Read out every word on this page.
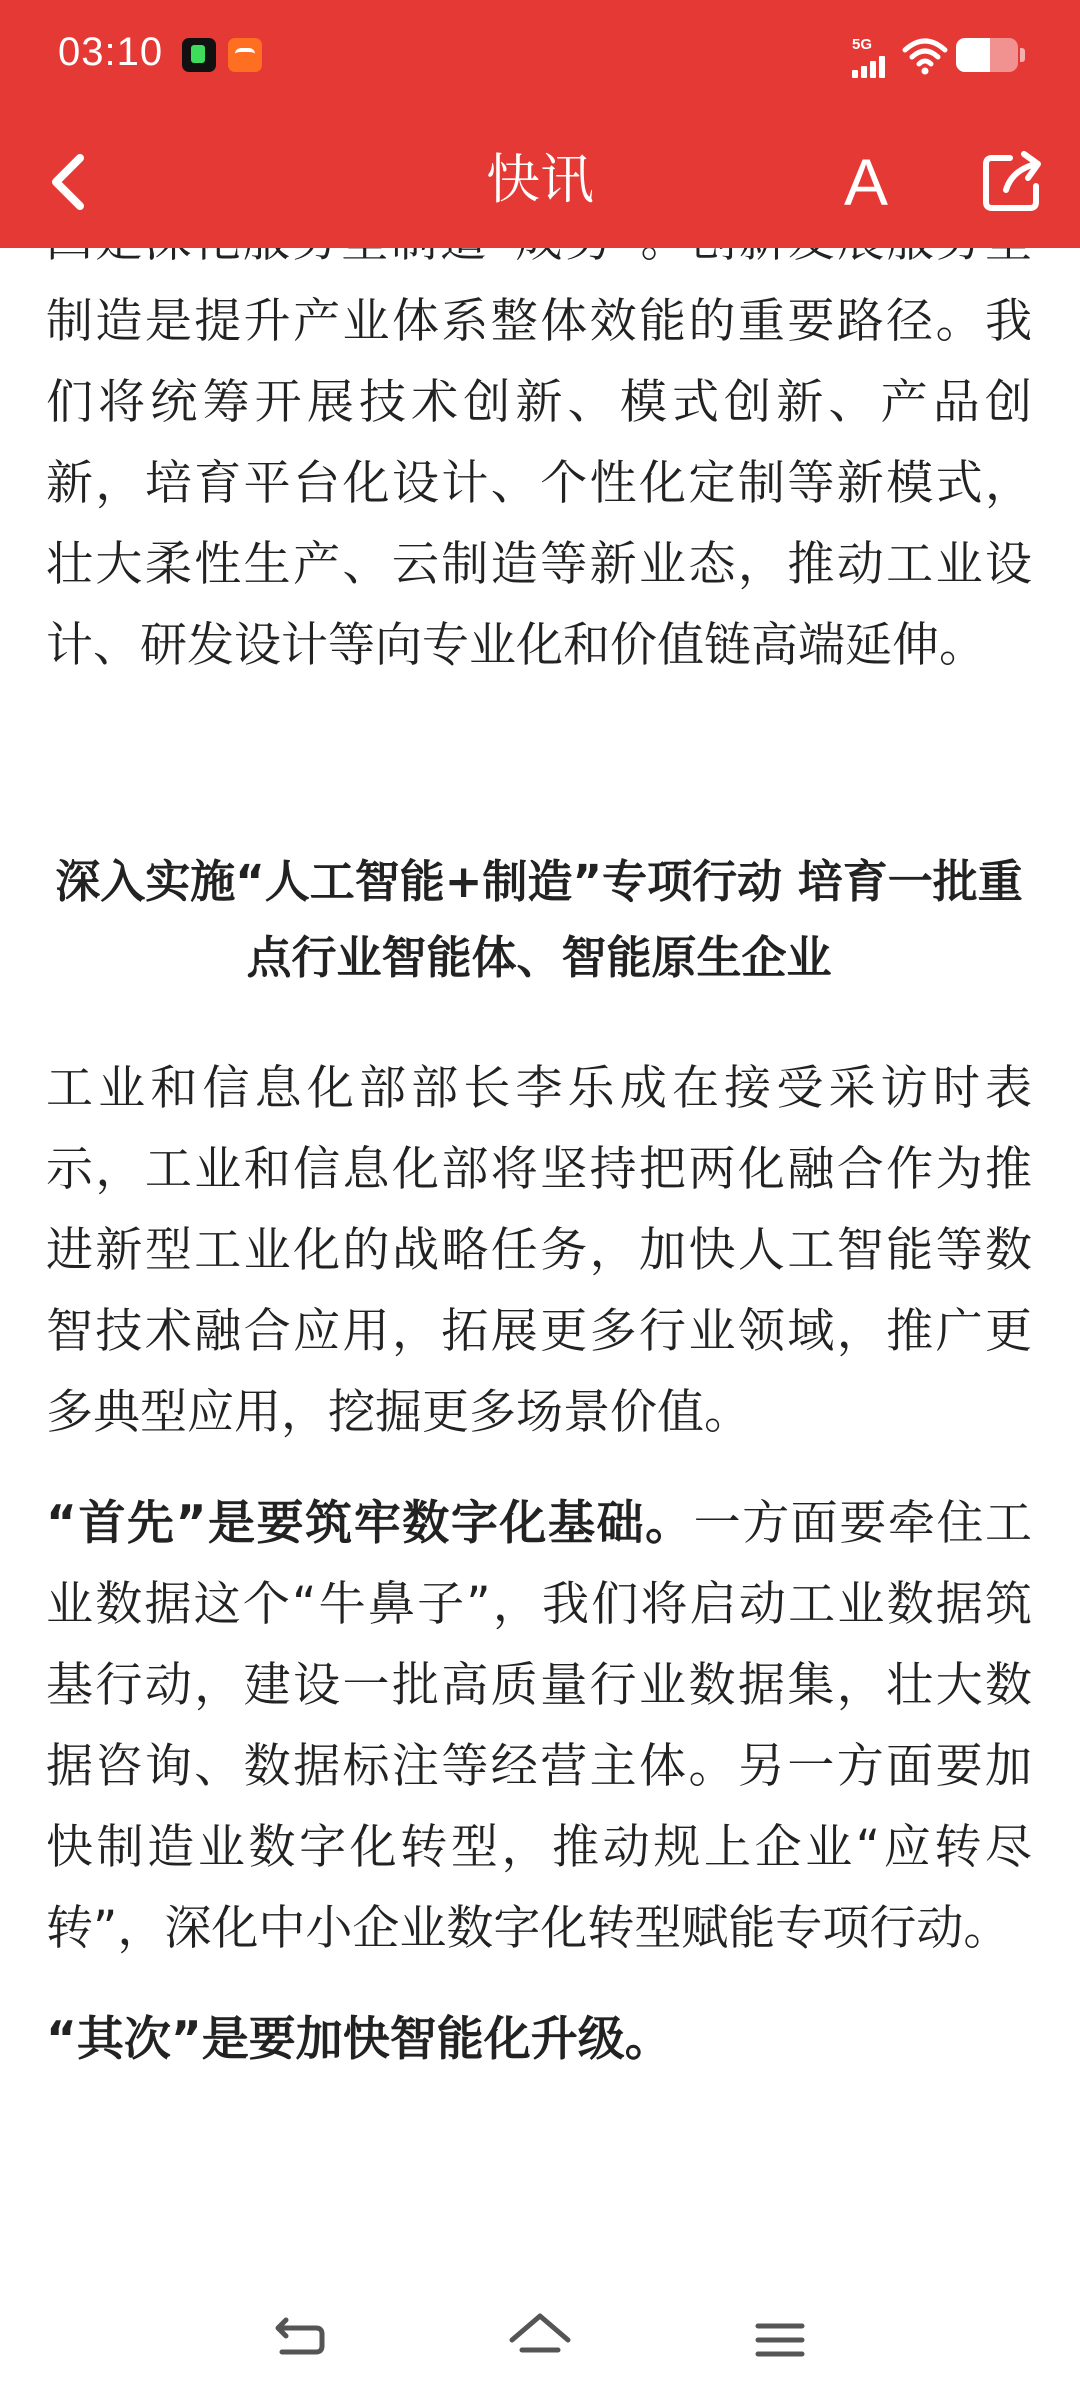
制造是提升产业体系整体效能的重要路径。我们将统筹开展技术创新、模式创新、产品创新，培育平台化设计、个性化定制等新模式，壮大柔性生产、云制造等新业态，推动工业设计、研发设计等向专业化和价值链高端延伸。

深入实施“人工智能+制造”专项行动 培育一批重点行业智能体、智能原生企业

工业和信息化部部长李乐成在接受采访时表示，工业和信息化部将坚持把两化融合作为推进新型工业化的战略任务，加快人工智能等数智技术融合应用，拓展更多行业领域，推广更多典型应用，挖掘更多场景价值。

“首先”是要筑牢数字化基础。一方面要牵住工业数据这个“牛鼻子”，我们将启动工业数据筑基行动，建设一批高质量行业数据集，壮大数据咨询、数据标注等经营主体。另一方面要加快制造业数字化转型，推动规上企业“应转尽转”，深化中小企业数字化转型赋能专项行动。

“其次”是要加快智能化升级。

03:10	5G
快讯	A
